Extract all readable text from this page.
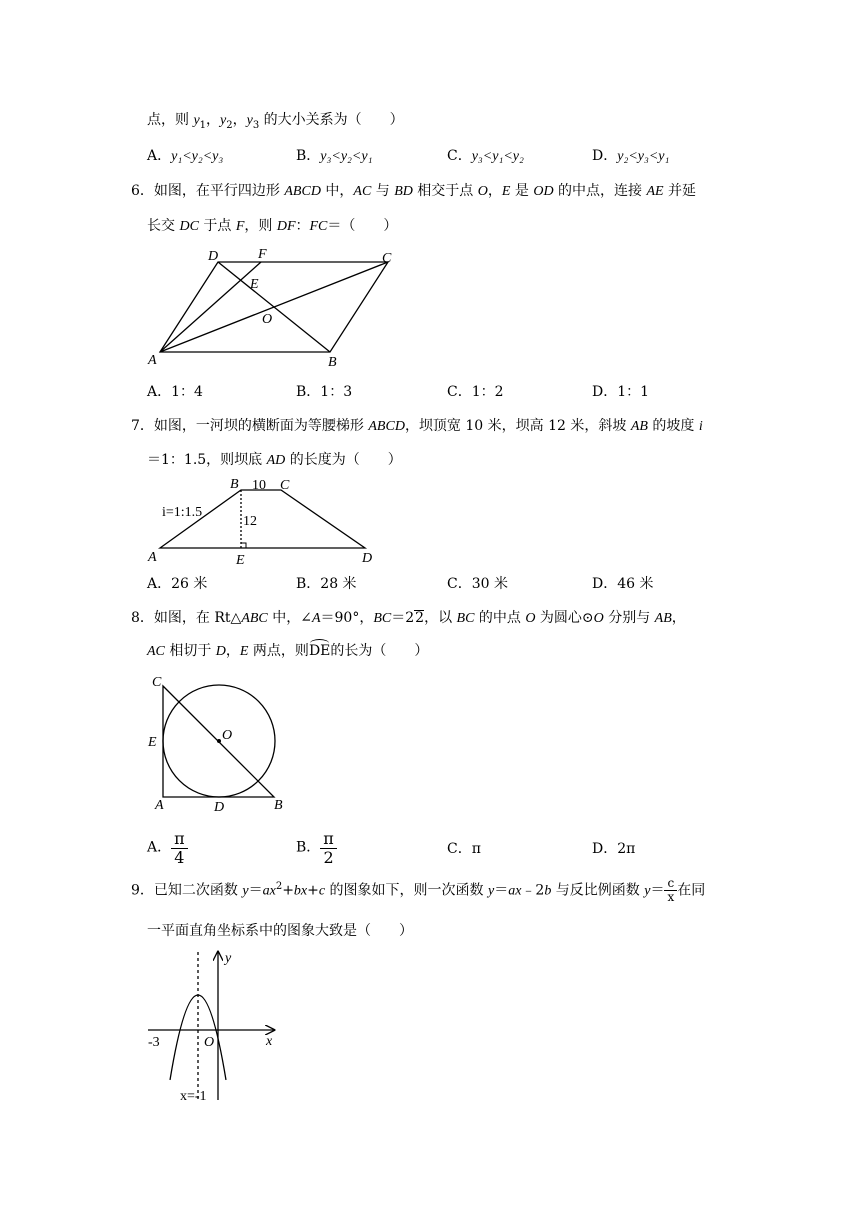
点，则 $y_1$，$y_2$，$y_3$ 的大小关系为（　　）
A．y₁<y₂<y₃	B．y₃<y₂<y₁	C．y₃<y₁<y₂	D．y₂<y₃<y₁
6．如图，在平行四边形 ABCD 中，AC 与 BD 相交于点 O，E 是 OD 的中点，连接 AE 并延
长交 DC 于点 F，则 DF：FC＝（　　）
D	F	C
E
O
A	B
A．1：4	B．1：3	C．1：2	D．1：1
7．如图，一河坝的横断面为等腰梯形 ABCD，坝顶宽 10 米，坝高 12 米，斜坡 AB 的坡度 i
＝1：1.5，则坝底 AD 的长度为（　　）
B	C
A	E	D
10
12
i=1:1.5
A．26 米	B．28 米	C．30 米	D．46 米
8．如图，在 Rt△ABC 中，∠A＝90°，BC＝22，以 BC 的中点 O 为圆心⊙O 分别与 AB，
AC 相切于 D，E 两点，则DE的长为（　　）
C
E	O
A	D	B
A． $\frac{\pi}{4}$	B． $\frac{\pi}{2}$	C．π	D．2π
9．已知二次函数 $y=ax^2+bx+c$ 的图象如下，则一次函数 y＝ax﹣2b 与反比例函数 $y= \frac{c}{x}$ 在同
一平面直角坐标系中的图象大致是（　　）
y
x
O
-3
x=-1
